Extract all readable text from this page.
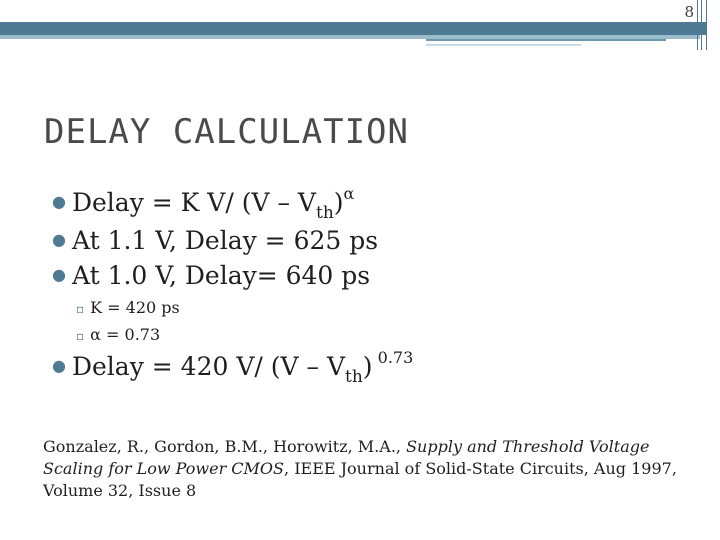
8
DELAY CALCULATION
● Delay = K V/ $(V - V_{th})^\alpha$
● At 1.1 V, Delay = 625 ps
● At 1.0 V, Delay= 640 ps
▫ K = 420 ps
▫ α = 0.73
● Delay = 420 V/ $(V - V_{th})$ $^{0.73}$
Gonzalez, R., Gordon, B.M., Horowitz, M.A., Supply and Threshold Voltage Scaling for Low Power CMOS, IEEE Journal of Solid-State Circuits, Aug 1997, Volume 32, Issue 8
